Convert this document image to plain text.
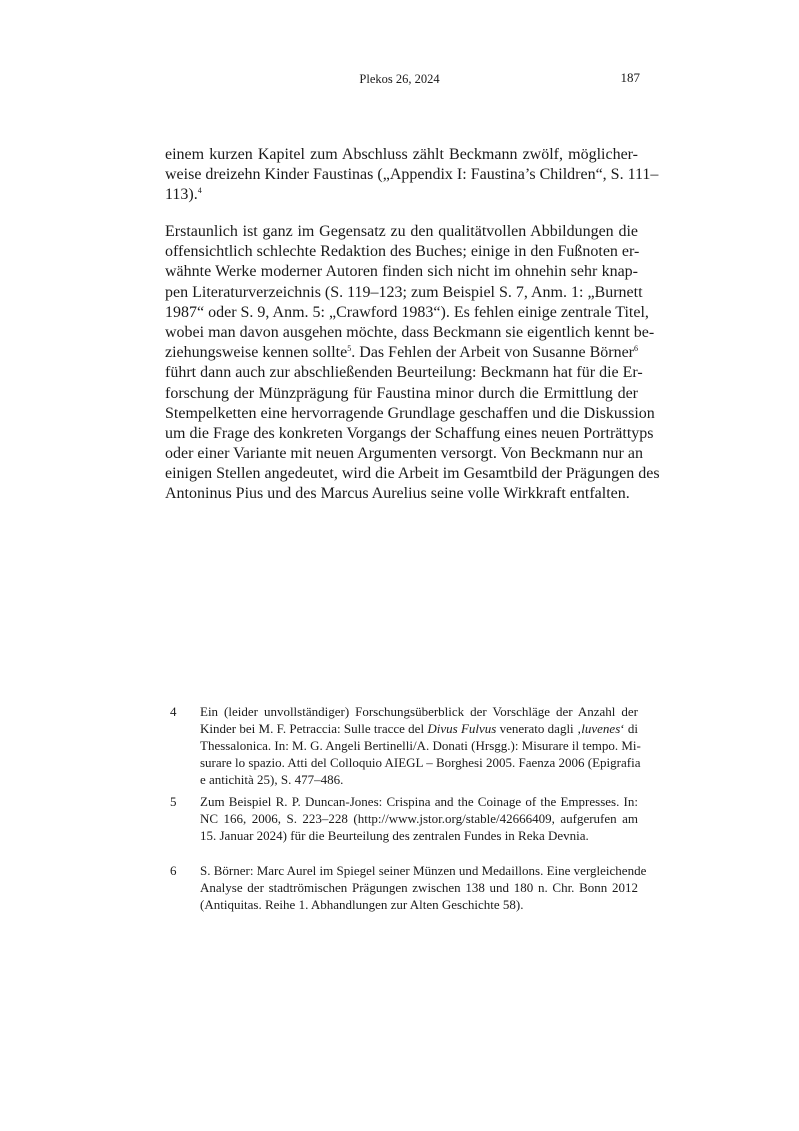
Plekos 26, 2024	187
einem kurzen Kapitel zum Abschluss zählt Beckmann zwölf, möglicher-
weise dreizehn Kinder Faustinas („Appendix I: Faustina’s Children“, S. 111–
113).$^4$
Erstaunlich ist ganz im Gegensatz zu den qualitätvollen Abbildungen die
offensichtlich schlechte Redaktion des Buches; einige in den Fußnoten er-
wähnte Werke moderner Autoren finden sich nicht im ohnehin sehr knap-
pen Literaturverzeichnis (S. 119–123; zum Beispiel S. 7, Anm. 1: „Burnett
1987“ oder S. 9, Anm. 5: „Crawford 1983“). Es fehlen einige zentrale Titel,
wobei man davon ausgehen möchte, dass Beckmann sie eigentlich kennt be-
ziehungsweise kennen sollte$^5$. Das Fehlen der Arbeit von Susanne Börner$^6$
führt dann auch zur abschließenden Beurteilung: Beckmann hat für die Er-
forschung der Münzprägung für Faustina minor durch die Ermittlung der
Stempelketten eine hervorragende Grundlage geschaffen und die Diskussion
um die Frage des konkreten Vorgangs der Schaffung eines neuen Porträttyps
oder einer Variante mit neuen Argumenten versorgt. Von Beckmann nur an
einigen Stellen angedeutet, wird die Arbeit im Gesamtbild der Prägungen des
Antoninus Pius und des Marcus Aurelius seine volle Wirkkraft entfalten.
4 Ein (leider unvollständiger) Forschungsüberblick der Vorschläge der Anzahl der
Kinder bei M. F. Petraccia: Sulle tracce del Divus Fulvus venerato dagli ‚luvenes‘ di
Thessalonica. In: M. G. Angeli Bertinelli/A. Donati (Hrsgg.): Misurare il tempo. Mi-
surare lo spazio. Atti del Colloquio AIEGL – Borghesi 2005. Faenza 2006 (Epigrafia
e antichità 25), S. 477–486.
5 Zum Beispiel R. P. Duncan-Jones: Crispina and the Coinage of the Empresses. In:
NC 166, 2006, S. 223–228 (http://www.jstor.org/stable/42666409, aufgerufen am
15. Januar 2024) für die Beurteilung des zentralen Fundes in Reka Devnia.
6 S. Börner: Marc Aurel im Spiegel seiner Münzen und Medaillons. Eine vergleichende
Analyse der stadtrömischen Prägungen zwischen 138 und 180 n. Chr. Bonn 2012
(Antiquitas. Reihe 1. Abhandlungen zur Alten Geschichte 58).
